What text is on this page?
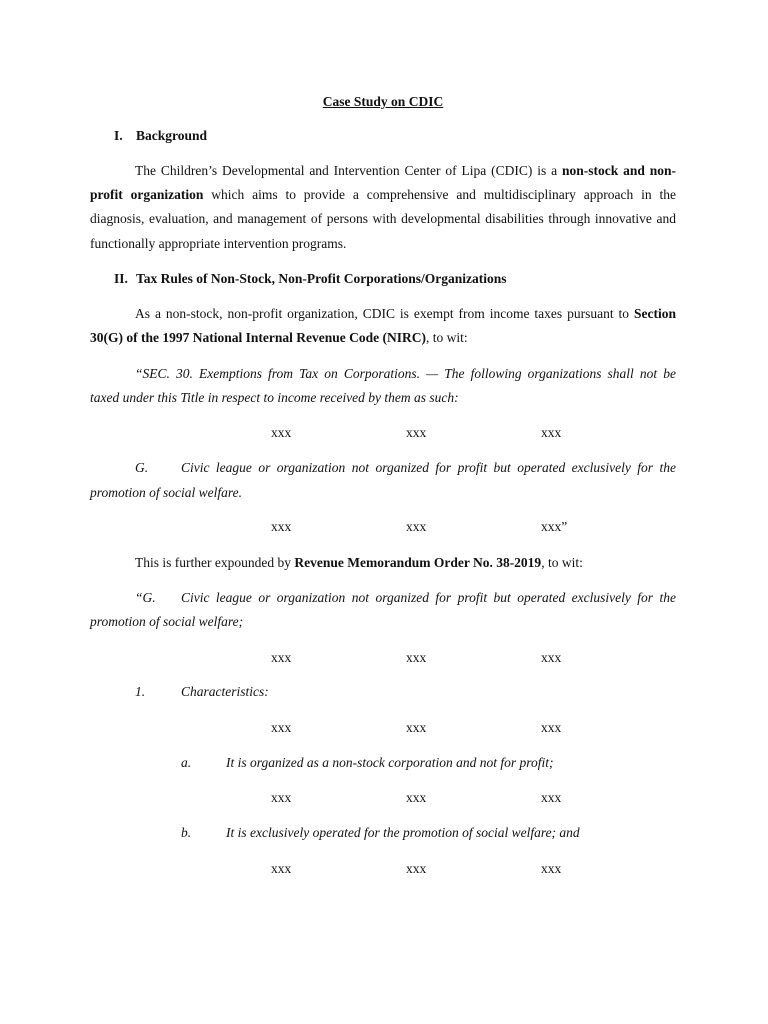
Case Study on CDIC
I. Background
The Children’s Developmental and Intervention Center of Lipa (CDIC) is a non-stock and non-
profit organization which aims to provide a comprehensive and multidisciplinary approach in the
diagnosis, evaluation, and management of persons with developmental disabilities through innovative and
functionally appropriate intervention programs.
II. Tax Rules of Non-Stock, Non-Profit Corporations/Organizations
As a non-stock, non-profit organization, CDIC is exempt from income taxes pursuant to Section
30(G) of the 1997 National Internal Revenue Code (NIRC), to wit:
“SEC. 30. Exemptions from Tax on Corporations. — The following organizations shall not be
taxed under this Title in respect to income received by them as such:
xxx	xxx	xxx
G. Civic league or organization not organized for profit but operated exclusively for the
promotion of social welfare.
xxx	xxx	xxx”
This is further expounded by Revenue Memorandum Order No. 38-2019, to wit:
“G. Civic league or organization not organized for profit but operated exclusively for the
promotion of social welfare;
xxx	xxx	xxx
1.	Characteristics:
xxx	xxx	xxx
a.	It is organized as a non-stock corporation and not for profit;
xxx	xxx	xxx
b.	It is exclusively operated for the promotion of social welfare; and
xxx	xxx	xxx
